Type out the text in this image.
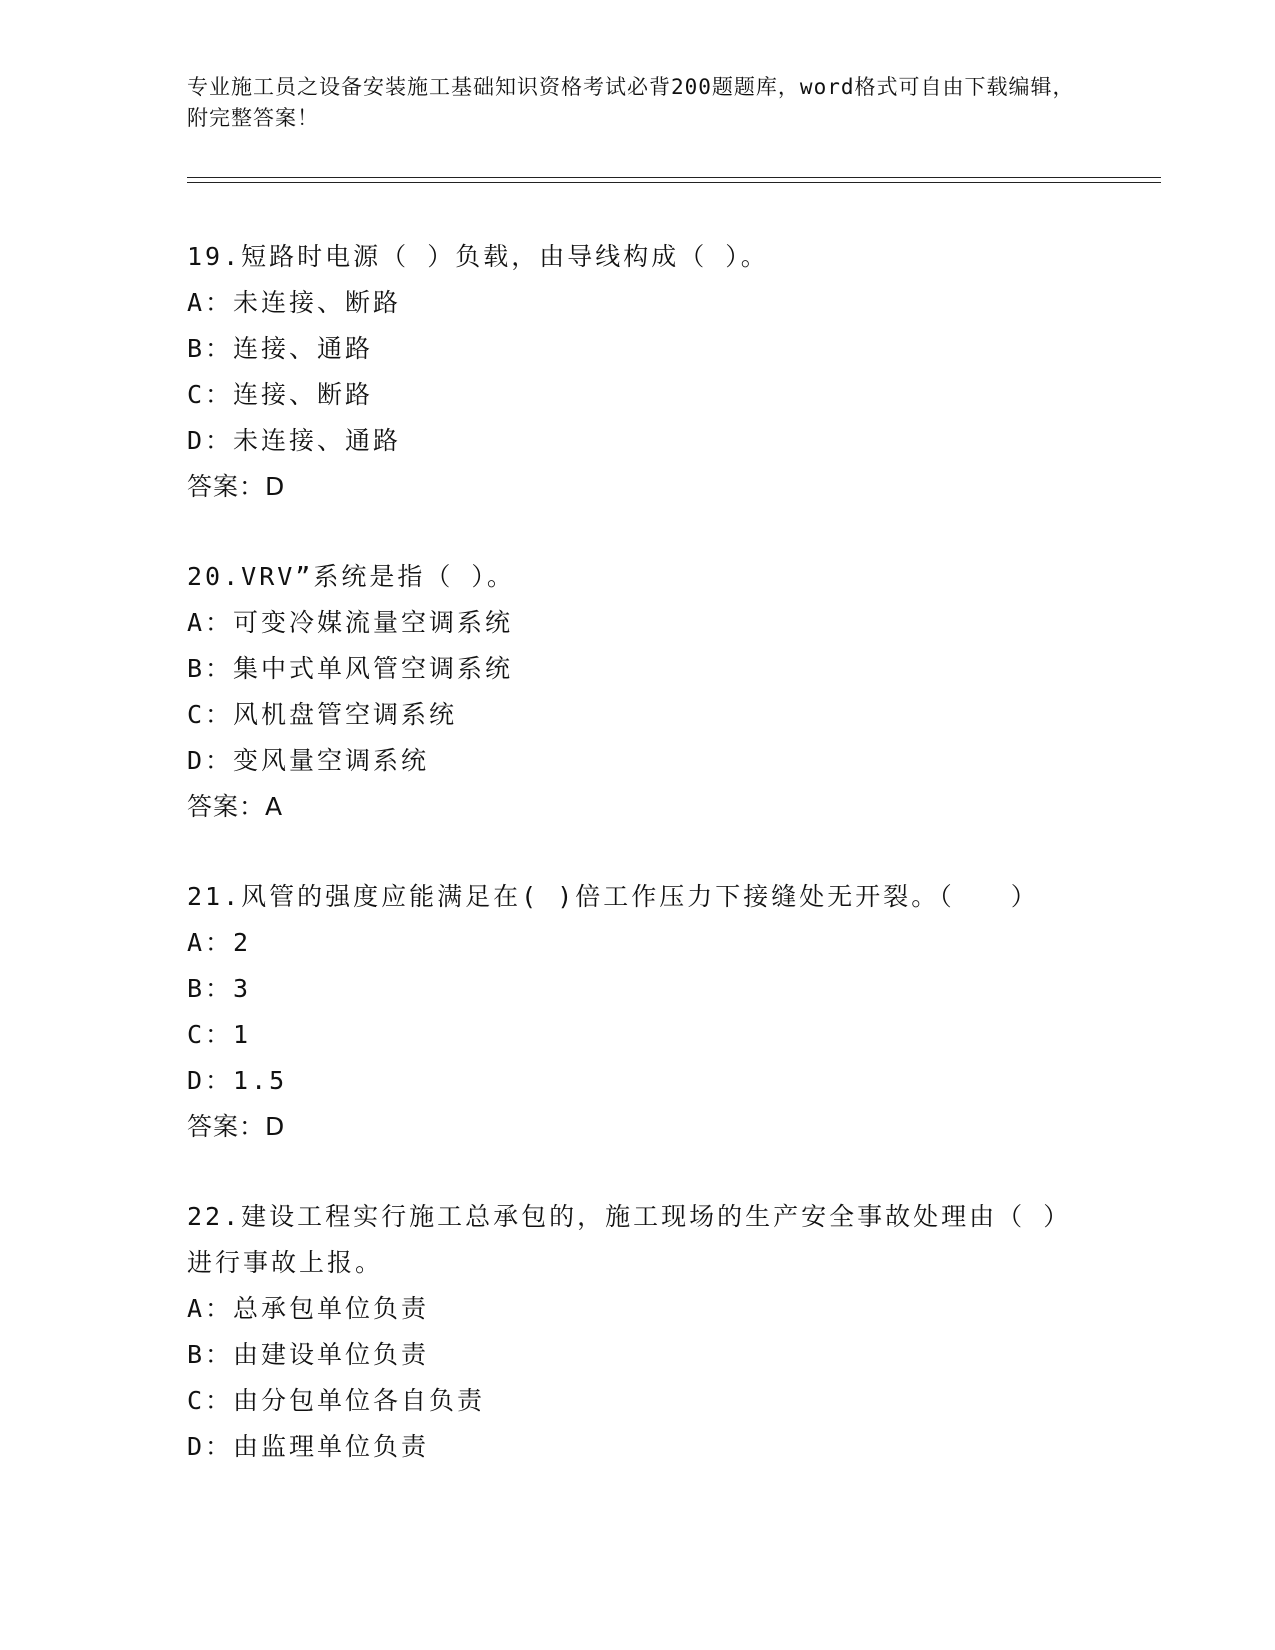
专业施工员之设备安装施工基础知识资格考试必背200题题库，word格式可自由下载编辑，附完整答案！
19.短路时电源（ ）负载，由导线构成（ ）。
A：未连接、断路
B：连接、通路
C：连接、断路
D：未连接、通路
答案：D
20.VRV”系统是指（ ）。
A：可变冷媒流量空调系统
B：集中式单风管空调系统
C：风机盘管空调系统
D：变风量空调系统
答案：A
21.风管的强度应能满足在( )倍工作压力下接缝处无开裂。（　　）
A：2
B：3
C：1
D：1.5
答案：D
22.建设工程实行施工总承包的，施工现场的生产安全事故处理由（ ）进行事故上报。
A：总承包单位负责
B：由建设单位负责
C：由分包单位各自负责
D：由监理单位负责
